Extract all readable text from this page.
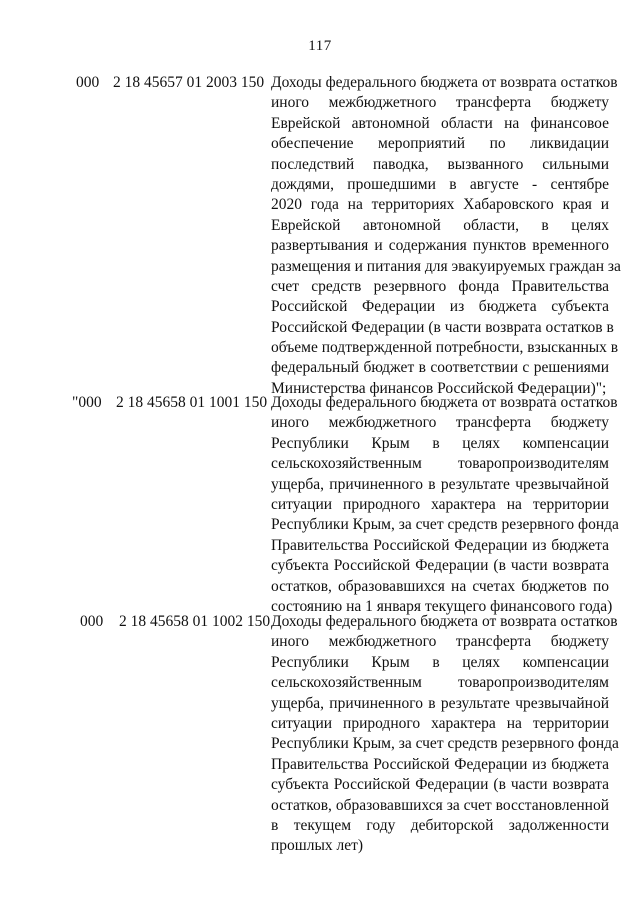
117
000 2 18 45657 01 2003 150 Доходы федерального бюджета от возврата остатков
иного межбюджетного трансферта бюджету
Еврейской автономной области на финансовое
обеспечение мероприятий по ликвидации
последствий паводка, вызванного сильными
дождями, прошедшими в августе - сентябре
2020 года на территориях Хабаровского края и
Еврейской автономной области, в целях
развертывания и содержания пунктов временного
размещения и питания для эвакуируемых граждан за
счет средств резервного фонда Правительства
Российской Федерации из бюджета субъекта
Российской Федерации (в части возврата остатков в
объеме подтвержденной потребности, взысканных в
федеральный бюджет в соответствии с решениями
Министерства финансов Российской Федерации)";
"000 2 18 45658 01 1001 150 Доходы федерального бюджета от возврата остатков
иного межбюджетного трансферта бюджету
Республики Крым в целях компенсации
сельскохозяйственным товаропроизводителям
ущерба, причиненного в результате чрезвычайной
ситуации природного характера на территории
Республики Крым, за счет средств резервного фонда
Правительства Российской Федерации из бюджета
субъекта Российской Федерации (в части возврата
остатков, образовавшихся на счетах бюджетов по
состоянию на 1 января текущего финансового года)
000 2 18 45658 01 1002 150 Доходы федерального бюджета от возврата остатков
иного межбюджетного трансферта бюджету
Республики Крым в целях компенсации
сельскохозяйственным товаропроизводителям
ущерба, причиненного в результате чрезвычайной
ситуации природного характера на территории
Республики Крым, за счет средств резервного фонда
Правительства Российской Федерации из бюджета
субъекта Российской Федерации (в части возврата
остатков, образовавшихся за счет восстановленной
в текущем году дебиторской задолженности
прошлых лет)
